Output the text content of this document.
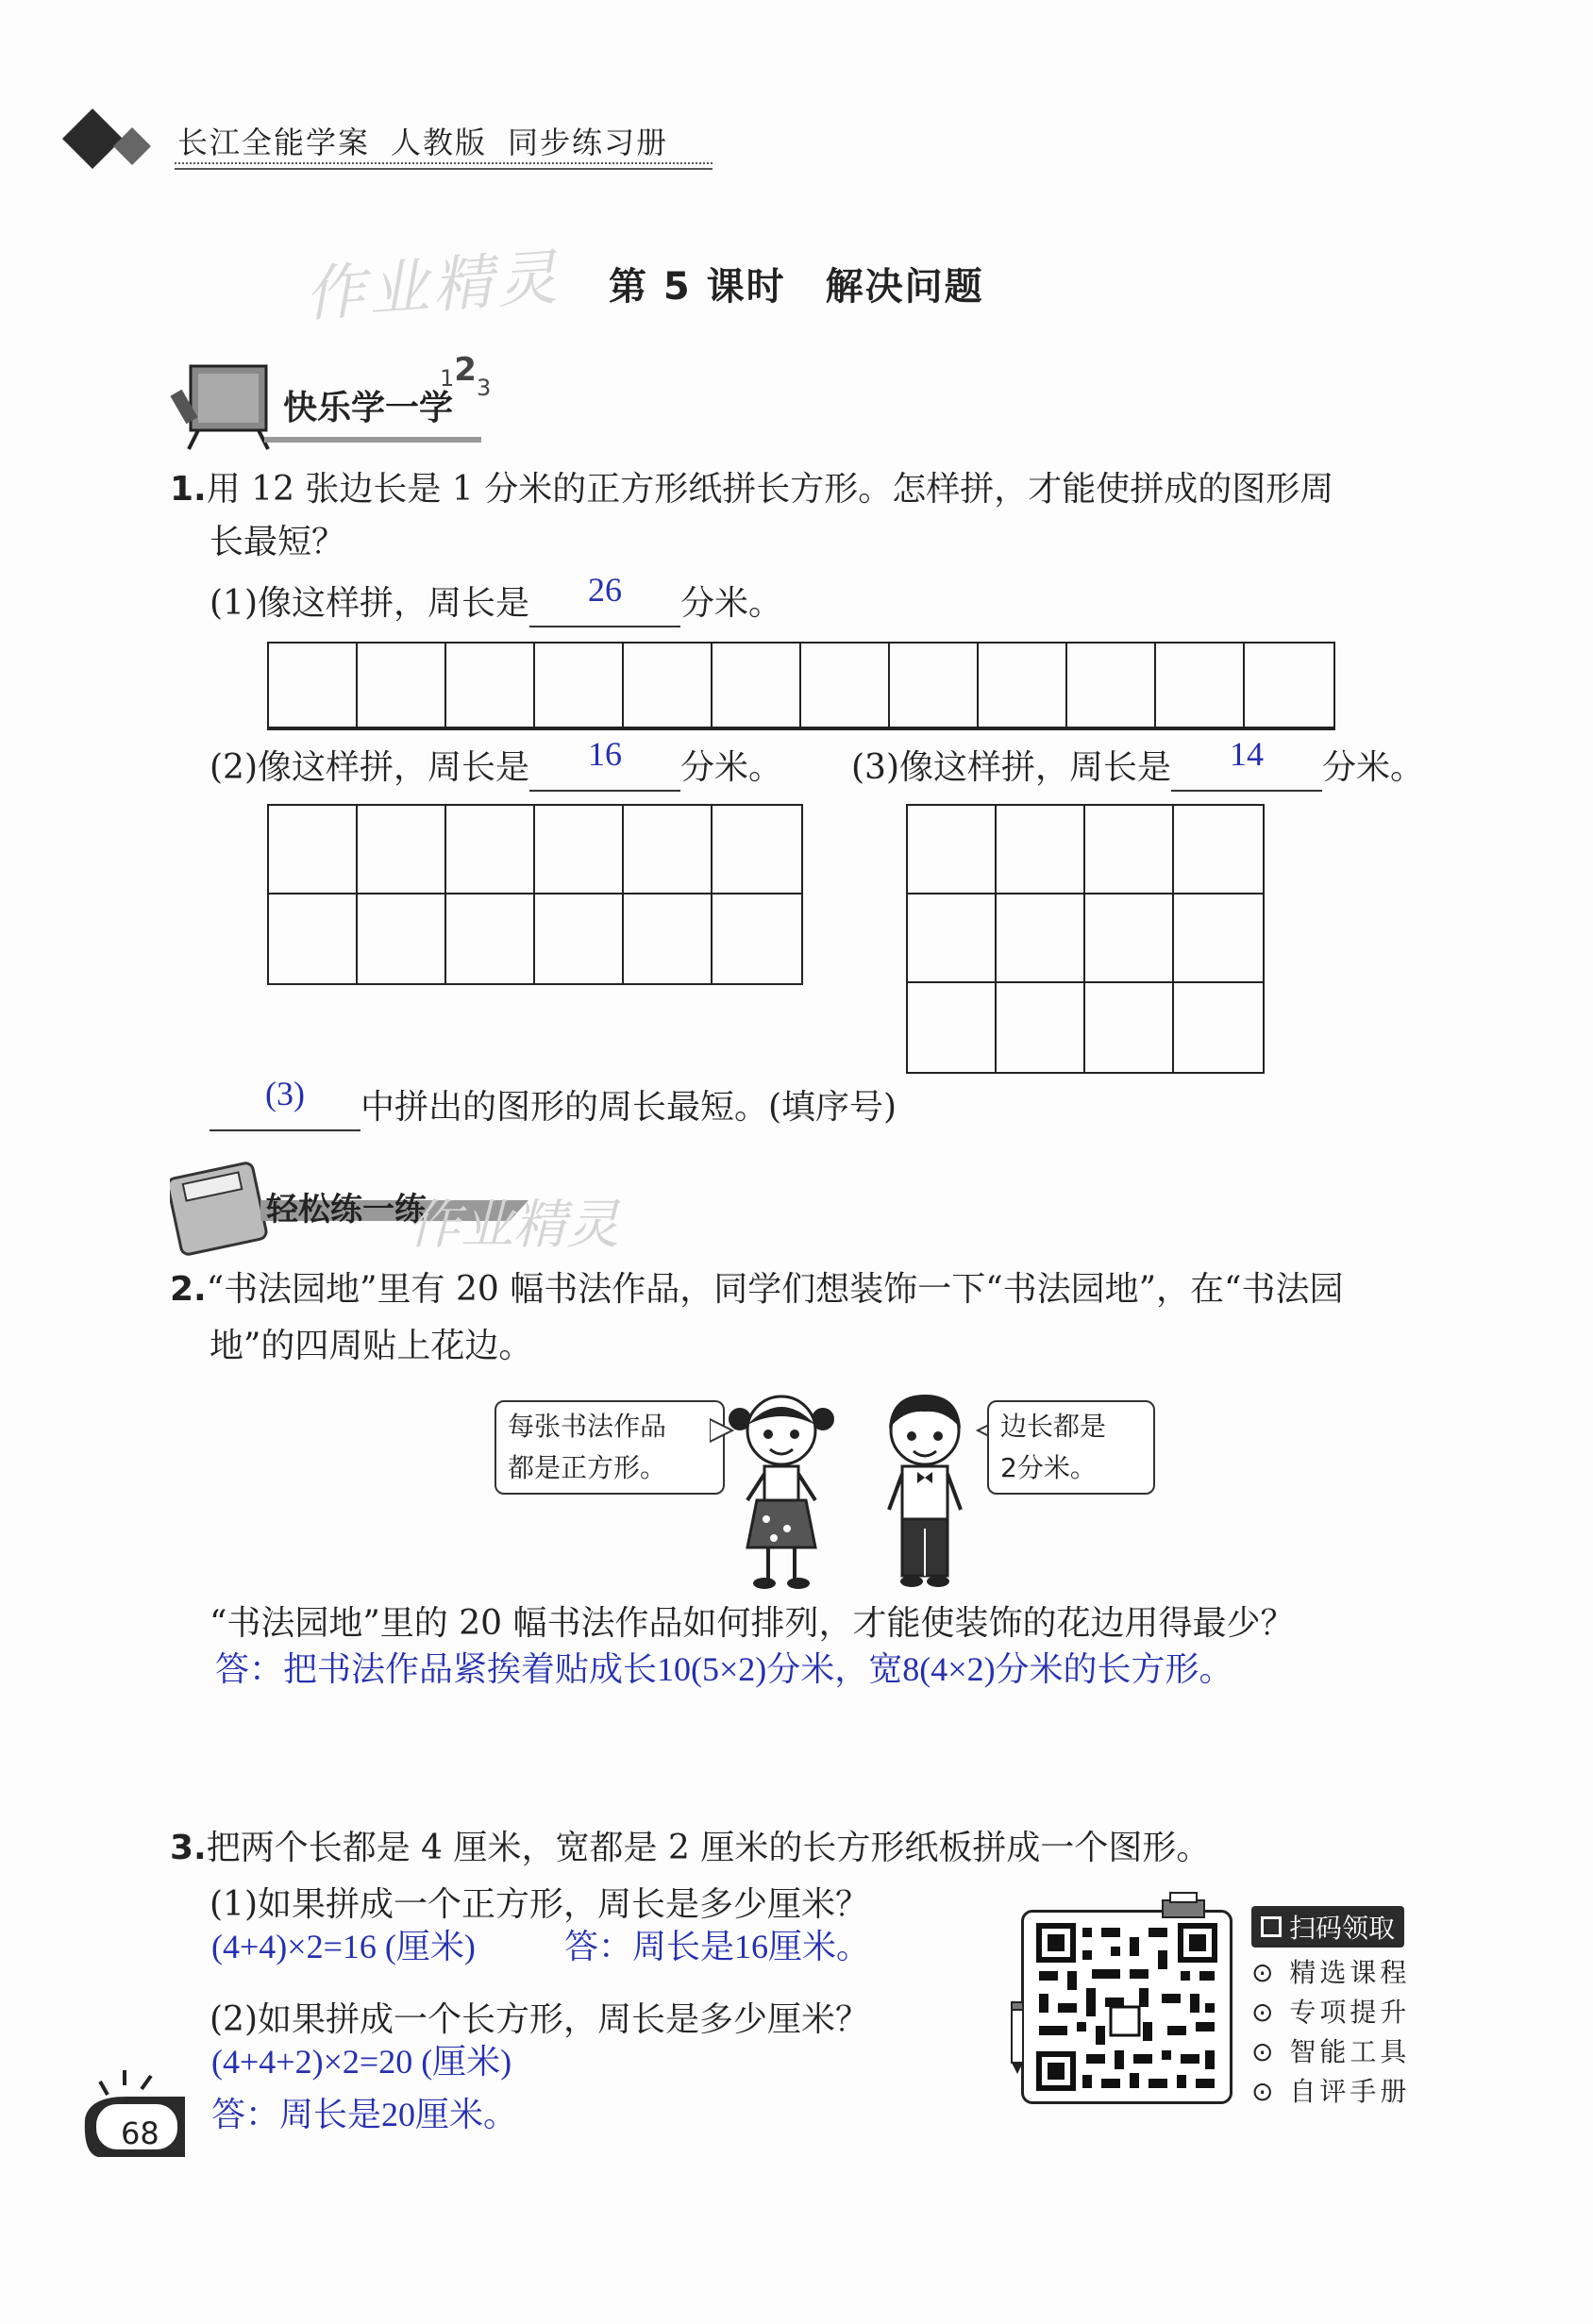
长江全能学案 人教版 同步练习册
作业精灵 第 5 课时　解决问题
快乐学一学
123
1.用 12 张边长是 1 分米的正方形纸拼长方形。怎样拼，才能使拼成的图形周
长最短？
(1)像这样拼，周长是 26 分米。
(2)像这样拼，周长是 16 分米。 (3)像这样拼，周长是 14 分米。
(3) 中拼出的图形的周长最短。(填序号)
轻松练一练
作业精灵
2.“书法园地”里有 20 幅书法作品，同学们想装饰一下“书法园地”，在“书法园
地”的四周贴上花边。
每张书法作品
都是正方形。
边长都是
2分米。
“书法园地”里的 20 幅书法作品如何排列，才能使装饰的花边用得最少？
答：把书法作品紧挨着贴成长10(5×2)分米，宽8(4×2)分米的长方形。
3.把两个长都是 4 厘米，宽都是 2 厘米的长方形纸板拼成一个图形。
(1)如果拼成一个正方形，周长是多少厘米？
(4+4)×2=16 (厘米)	答：周长是16厘米。
(2)如果拼成一个长方形，周长是多少厘米？
(4+4+2)×2=20 (厘米)
答：周长是20厘米。
扫码领取
⊙ 精选课程
⊙ 专项提升
⊙ 智能工具
⊙ 自评手册
68
